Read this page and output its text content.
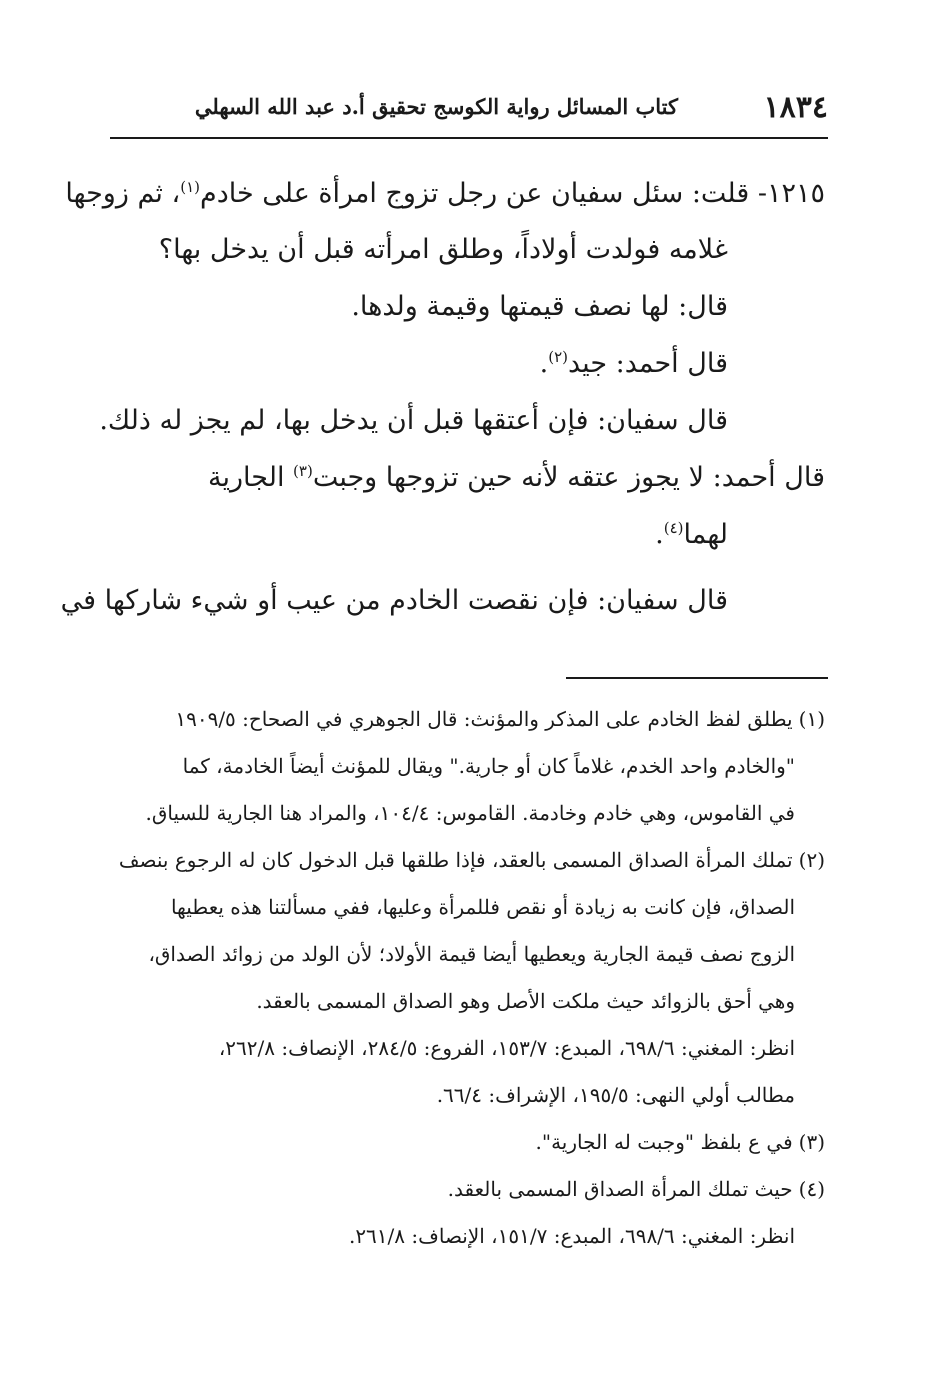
١٨٣٤
كتاب المسائل رواية الكوسج تحقيق أ.د عبد الله السهلي
١٢١٥- قلت: سئل سفيان عن رجل تزوج امرأة على خادم$^{(١)}$، ثم زوجها
غلامه فولدت أولاداً، وطلق امرأته قبل أن يدخل بها؟
قال: لها نصف قيمتها وقيمة ولدها.
قال أحمد: جيد$^{(٢)}$.
قال سفيان: فإن أعتقها قبل أن يدخل بها، لم يجز له ذلك.
قال أحمد: لا يجوز عتقه لأنه حين تزوجها وجبت$^{(٣)}$ الجارية
لهما$^{(٤)}$.
قال سفيان: فإن نقصت الخادم من عيب أو شيء شاركها في
(١)يطلق لفظ الخادم على المذكر والمؤنث: قال الجوهري في الصحاح: ١٩٠٩/٥
"والخادم واحد الخدم، غلاماً كان أو جارية." ويقال للمؤنث أيضاً الخادمة، كما
في القاموس، وهي خادم وخادمة. القاموس: ١٠٤/٤، والمراد هنا الجارية للسياق.
(٢)تملك المرأة الصداق المسمى بالعقد، فإذا طلقها قبل الدخول كان له الرجوع بنصف
الصداق، فإن كانت به زيادة أو نقص فللمرأة وعليها، ففي مسألتنا هذه يعطيها
الزوج نصف قيمة الجارية ويعطيها أيضا قيمة الأولاد؛ لأن الولد من زوائد الصداق،
وهي أحق بالزوائد حيث ملكت الأصل وهو الصداق المسمى بالعقد.
انظر: المغني: ٦٩٨/٦، المبدع: ١٥٣/٧، الفروع: ٢٨٤/٥، الإنصاف: ٢٦٢/٨،
مطالب أولي النهى: ١٩٥/٥، الإشراف: ٦٦/٤.
(٣)في ع بلفظ "وجبت له الجارية".
(٤)حيث تملك المرأة الصداق المسمى بالعقد.
انظر: المغني: ٦٩٨/٦، المبدع: ١٥١/٧، الإنصاف: ٢٦١/٨.
